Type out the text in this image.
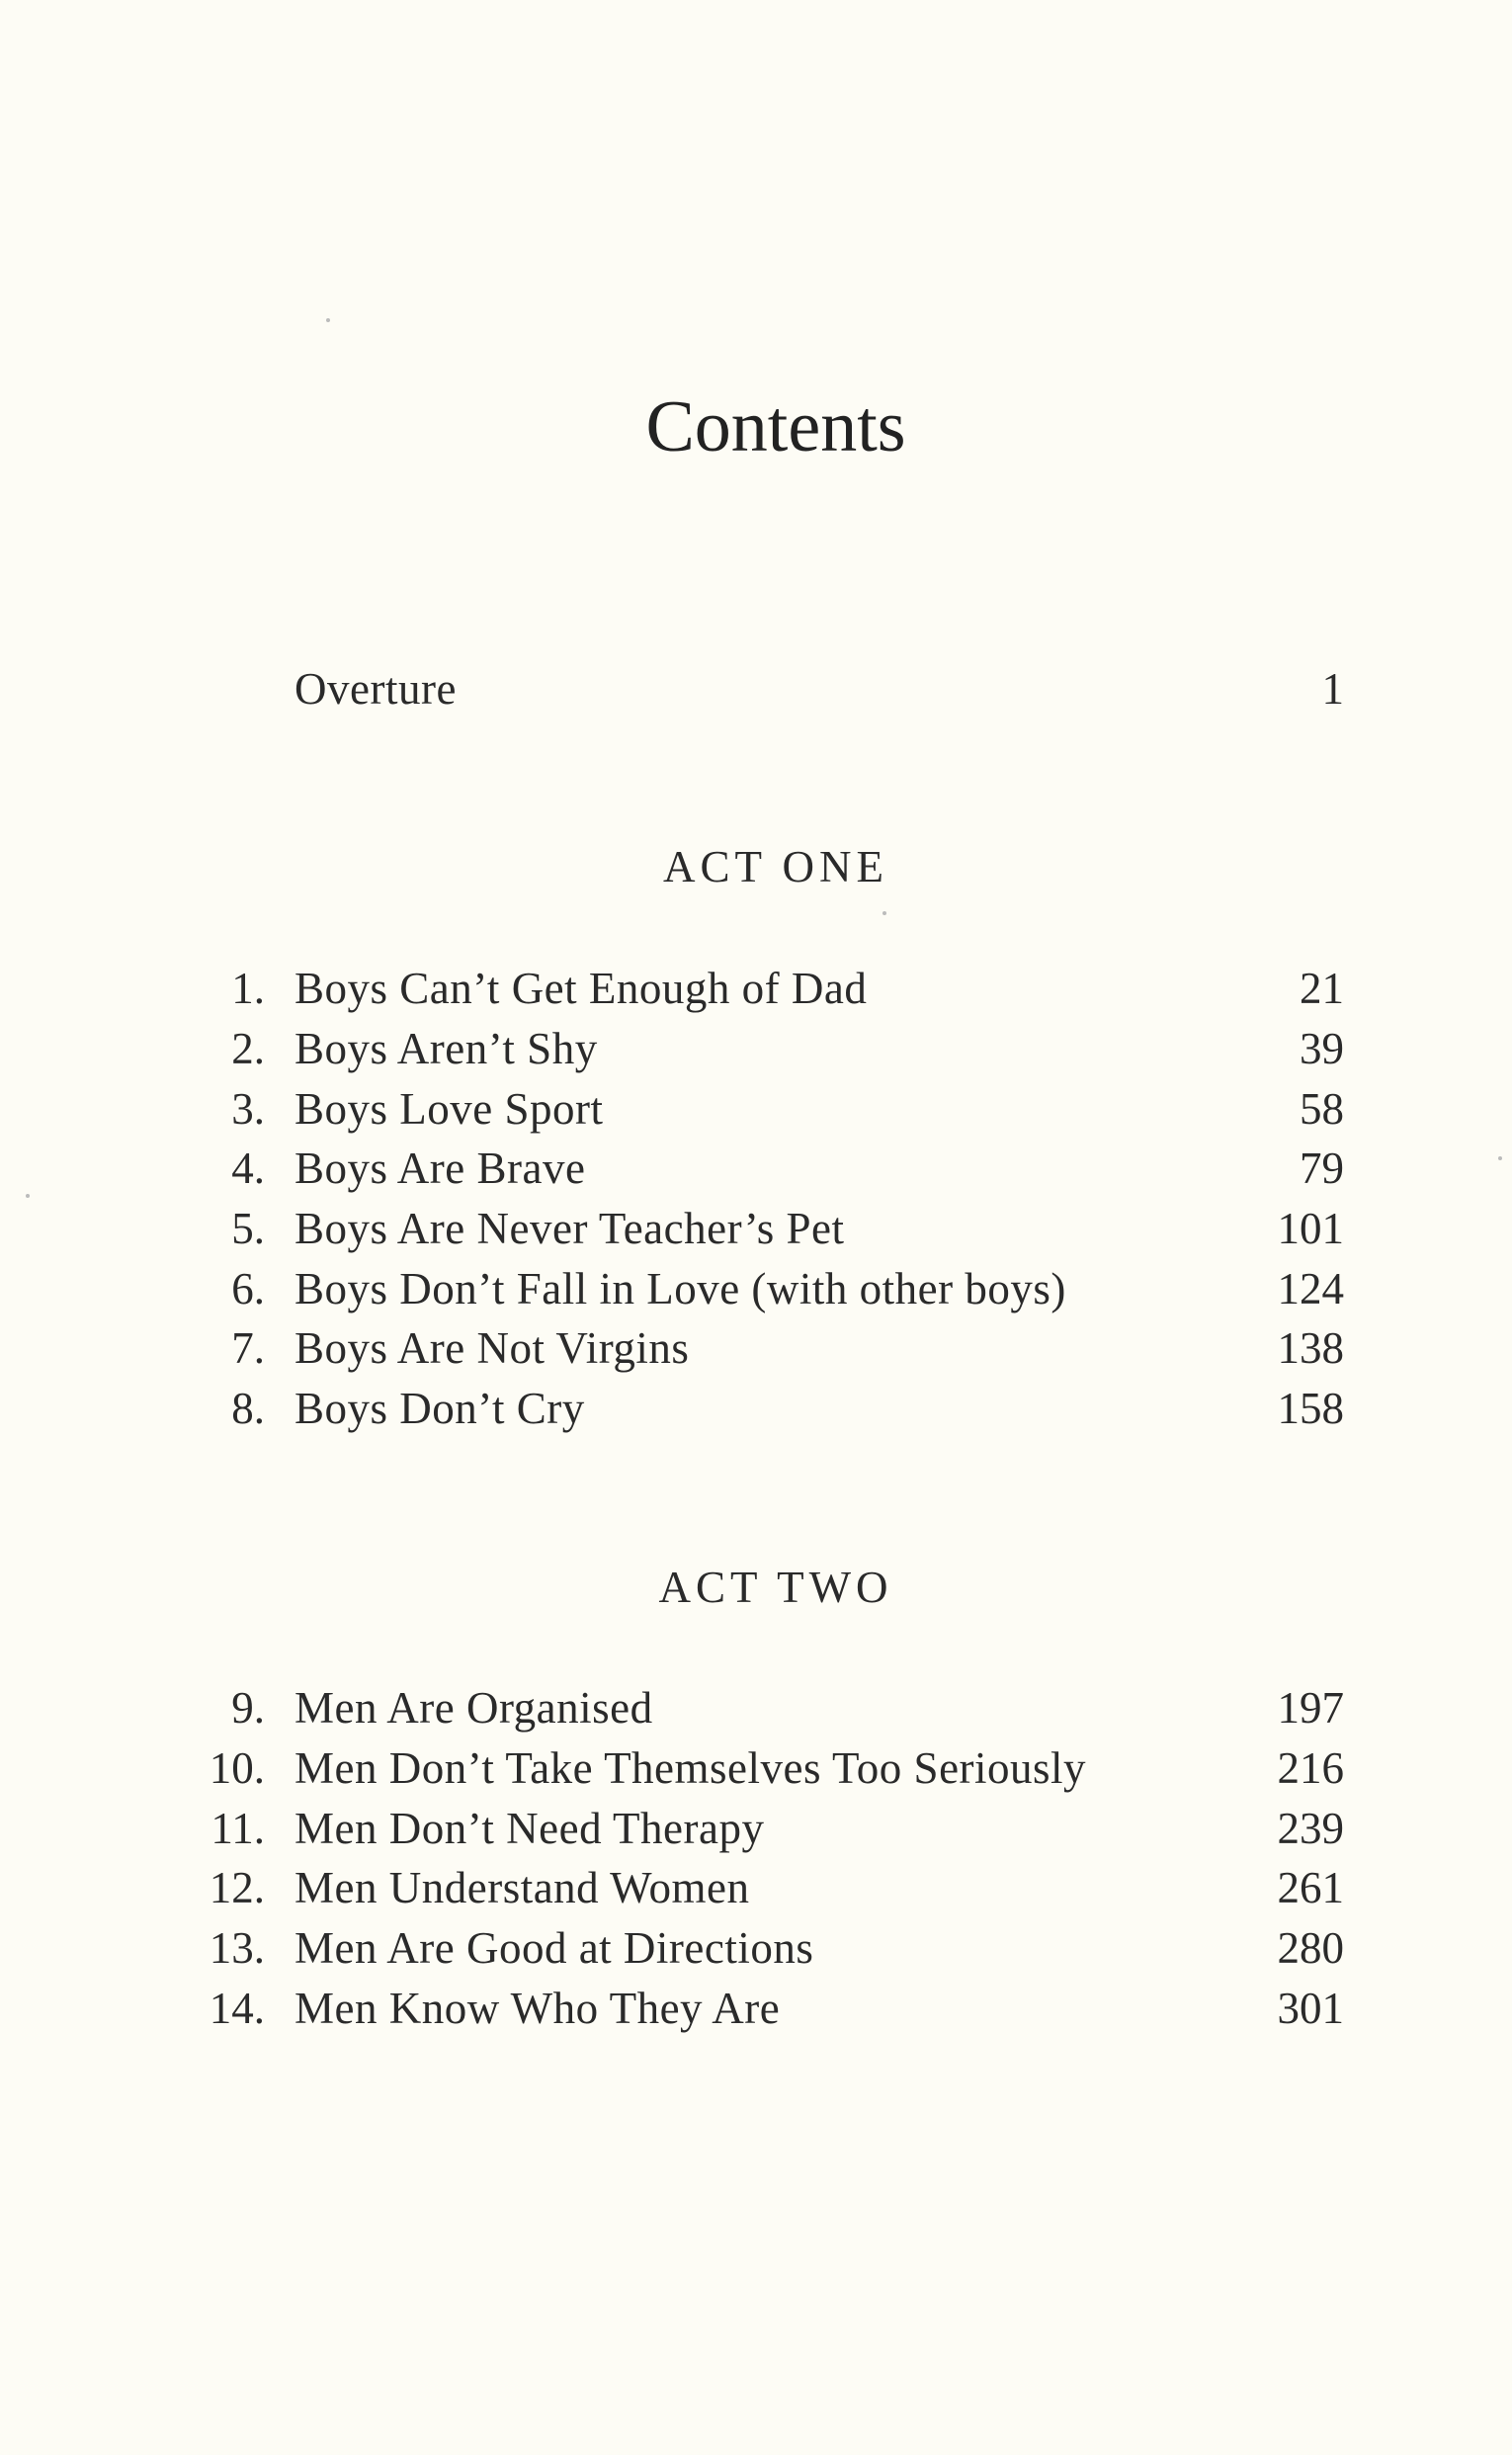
Contents
Overture	1
ACT ONE
1. Boys Can’t Get Enough of Dad	21
2. Boys Aren’t Shy	39
3. Boys Love Sport	58
4. Boys Are Brave	79
5. Boys Are Never Teacher’s Pet	101
6. Boys Don’t Fall in Love (with other boys)	124
7. Boys Are Not Virgins	138
8. Boys Don’t Cry	158
ACT TWO
9. Men Are Organised	197
10. Men Don’t Take Themselves Too Seriously	216
11. Men Don’t Need Therapy	239
12. Men Understand Women	261
13. Men Are Good at Directions	280
14. Men Know Who They Are	301
